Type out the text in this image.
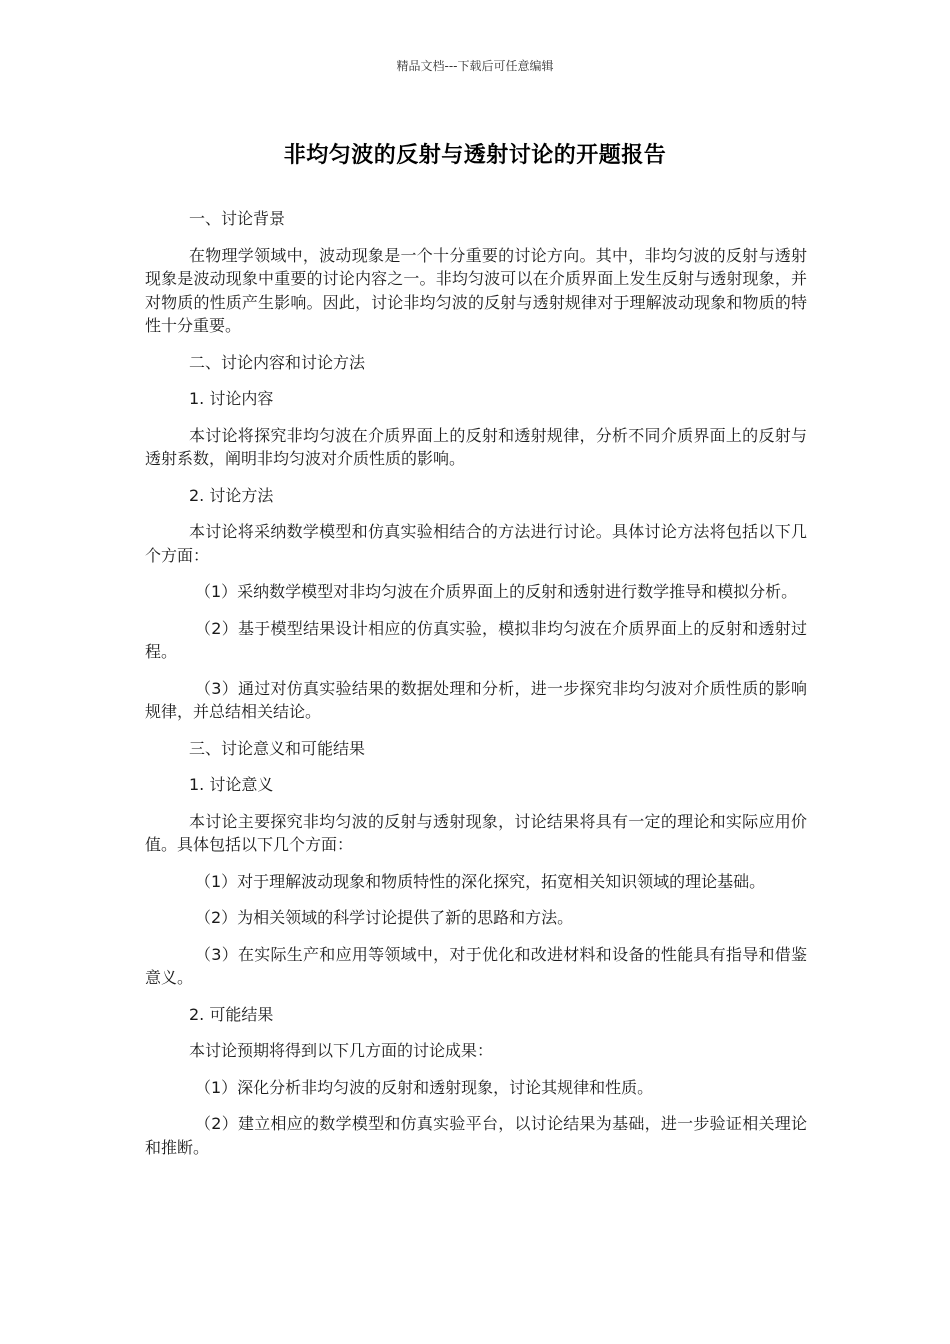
精品文档---下载后可任意编辑
非均匀波的反射与透射讨论的开题报告

一、讨论背景

在物理学领域中，波动现象是一个十分重要的讨论方向。其中，非均匀波的反射与透射现象是波动现象中重要的讨论内容之一。非均匀波可以在介质界面上发生反射与透射现象，并对物质的性质产生影响。因此，讨论非均匀波的反射与透射规律对于理解波动现象和物质的特性十分重要。

二、讨论内容和讨论方法

1. 讨论内容

本讨论将探究非均匀波在介质界面上的反射和透射规律，分析不同介质界面上的反射与透射系数，阐明非均匀波对介质性质的影响。

2. 讨论方法

本讨论将采纳数学模型和仿真实验相结合的方法进行讨论。具体讨论方法将包括以下几个方面：

（1）采纳数学模型对非均匀波在介质界面上的反射和透射进行数学推导和模拟分析。

（2）基于模型结果设计相应的仿真实验，模拟非均匀波在介质界面上的反射和透射过程。

（3）通过对仿真实验结果的数据处理和分析，进一步探究非均匀波对介质性质的影响规律，并总结相关结论。

三、讨论意义和可能结果

1. 讨论意义

本讨论主要探究非均匀波的反射与透射现象，讨论结果将具有一定的理论和实际应用价值。具体包括以下几个方面：

（1）对于理解波动现象和物质特性的深化探究，拓宽相关知识领域的理论基础。

（2）为相关领域的科学讨论提供了新的思路和方法。

（3）在实际生产和应用等领域中，对于优化和改进材料和设备的性能具有指导和借鉴意义。

2. 可能结果

本讨论预期将得到以下几方面的讨论成果：

（1）深化分析非均匀波的反射和透射现象，讨论其规律和性质。

（2）建立相应的数学模型和仿真实验平台，以讨论结果为基础，进一步验证相关理论和推断。
